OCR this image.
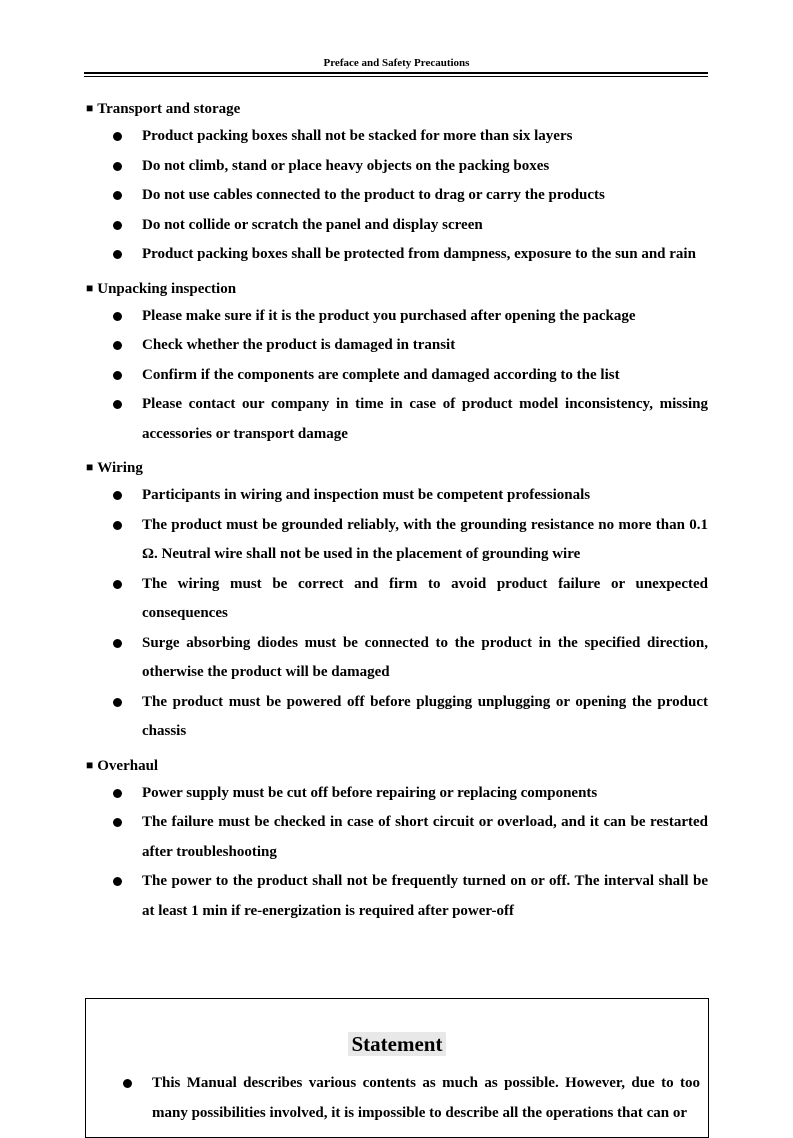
Preface and Safety Precautions
■ Transport and storage
Product packing boxes shall not be stacked for more than six layers
Do not climb, stand or place heavy objects on the packing boxes
Do not use cables connected to the product to drag or carry the products
Do not collide or scratch the panel and display screen
Product packing boxes shall be protected from dampness, exposure to the sun and rain
■ Unpacking inspection
Please make sure if it is the product you purchased after opening the package
Check whether the product is damaged in transit
Confirm if the components are complete and damaged according to the list
Please contact our company in time in case of product model inconsistency, missing accessories or transport damage
■ Wiring
Participants in wiring and inspection must be competent professionals
The product must be grounded reliably, with the grounding resistance no more than 0.1 Ω. Neutral wire shall not be used in the placement of grounding wire
The wiring must be correct and firm to avoid product failure or unexpected consequences
Surge absorbing diodes must be connected to the product in the specified direction, otherwise the product will be damaged
The product must be powered off before plugging unplugging or opening the product chassis
■ Overhaul
Power supply must be cut off before repairing or replacing components
The failure must be checked in case of short circuit or overload, and it can be restarted after troubleshooting
The power to the product shall not be frequently turned on or off. The interval shall be at least 1 min if re-energization is required after power-off
Statement
This Manual describes various contents as much as possible. However, due to too many possibilities involved, it is impossible to describe all the operations that can or
